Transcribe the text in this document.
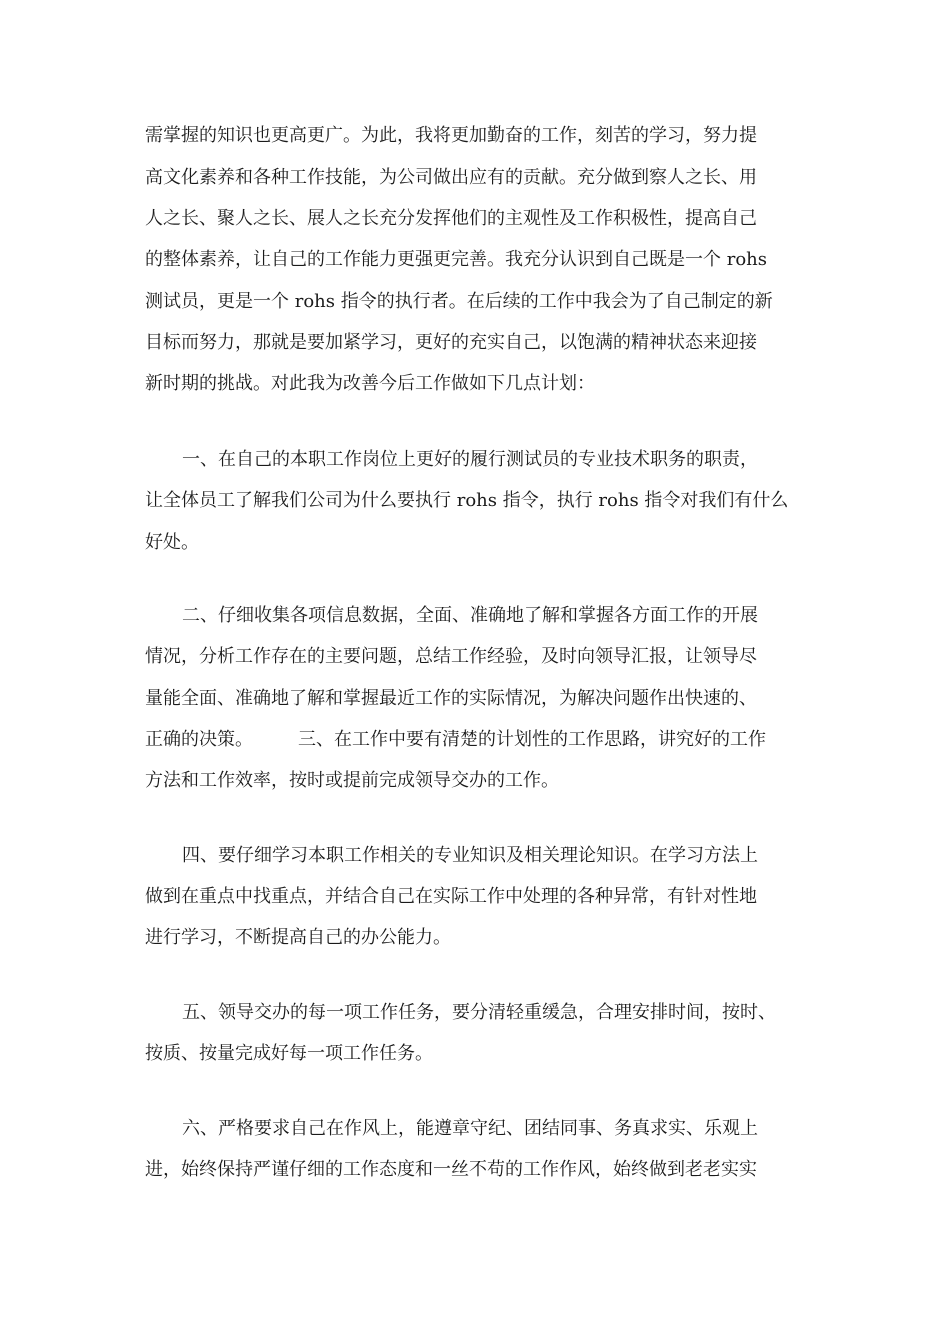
需掌握的知识也更高更广。为此，我将更加勤奋的工作，刻苦的学习，努力提

高文化素养和各种工作技能，为公司做出应有的贡献。充分做到察人之长、用

人之长、聚人之长、展人之长充分发挥他们的主观性及工作积极性，提高自己

的整体素养，让自己的工作能力更强更完善。我充分认识到自己既是一个 rohs

测试员，更是一个 rohs 指令的执行者。在后续的工作中我会为了自己制定的新

目标而努力，那就是要加紧学习，更好的充实自己，以饱满的精神状态来迎接

新时期的挑战。对此我为改善今后工作做如下几点计划：

一、在自己的本职工作岗位上更好的履行测试员的专业技术职务的职责，

让全体员工了解我们公司为什么要执行 rohs 指令，执行 rohs 指令对我们有什么

好处。

二、仔细收集各项信息数据，全面、准确地了解和掌握各方面工作的开展

情况，分析工作存在的主要问题，总结工作经验，及时向领导汇报，让领导尽

量能全面、准确地了解和掌握最近工作的实际情况，为解决问题作出快速的、

正确的决策。　　　三、在工作中要有清楚的计划性的工作思路，讲究好的工作

方法和工作效率，按时或提前完成领导交办的工作。

四、要仔细学习本职工作相关的专业知识及相关理论知识。在学习方法上

做到在重点中找重点，并结合自己在实际工作中处理的各种异常，有针对性地

进行学习，不断提高自己的办公能力。

五、领导交办的每一项工作任务，要分清轻重缓急，合理安排时间，按时、

按质、按量完成好每一项工作任务。

六、严格要求自己在作风上，能遵章守纪、团结同事、务真求实、乐观上

进，始终保持严谨仔细的工作态度和一丝不苟的工作作风，始终做到老老实实
